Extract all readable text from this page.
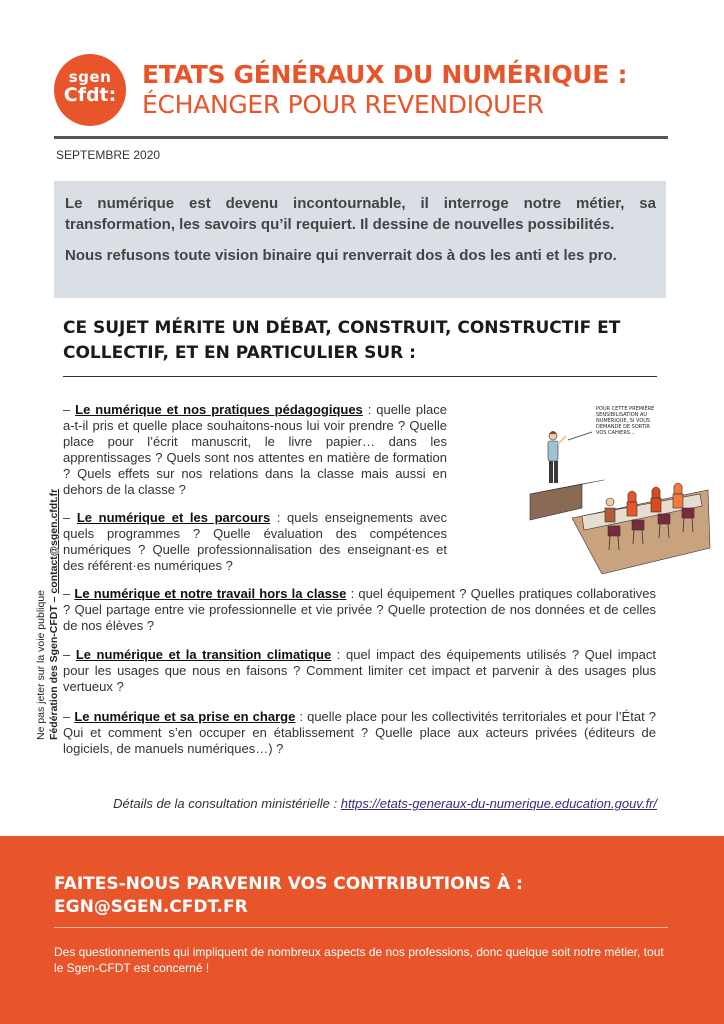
sgen
Cfdt:
ETATS GÉNÉRAUX DU NUMÉRIQUE :
ÉCHANGER POUR REVENDIQUER
SEPTEMBRE 2020

Le numérique est devenu incontournable, il interroge notre métier, sa transformation, les savoirs qu’il requiert. Il dessine de nouvelles possibilités.

Nous refusons toute vision binaire qui renverrait dos à dos les anti et les pro.

CE SUJET MÉRITE UN DÉBAT, CONSTRUIT, CONSTRUCTIF ET COLLECTIF, ET EN PARTICULIER SUR :
Ne pas jeter sur la voie publique Fédération des Sgen-CFDT – contact@sgen.cfdt.fr
– Le numérique et nos pratiques pédagogiques : quelle place a-t-il pris et quelle place souhaitons-nous lui voir prendre ? Quelle place pour l’écrit manuscrit, le livre papier… dans les apprentissages ? Quels sont nos attentes en matière de formation ? Quels effets sur nos relations dans la classe mais aussi en dehors de la classe ?
– Le numérique et les parcours : quels enseignements avec quels programmes ? Quelle évaluation des compétences numériques ? Quelle professionnalisation des enseignant·es et des référent·es numériques ?
– Le numérique et notre travail hors la classe : quel équipement ? Quelles pratiques collaboratives ? Quel partage entre vie professionnelle et vie privée ? Quelle protection de nos données et de celles de nos élèves ?
– Le numérique et la transition climatique : quel impact des équipements utilisés ? Quel impact pour les usages que nous en faisons ? Comment limiter cet impact et parvenir à des usages plus vertueux ?
– Le numérique et sa prise en charge : quelle place pour les collectivités territoriales et pour l’État ? Qui et comment s’en occuper en établissement ? Quelle place aux acteurs privées (éditeurs de logiciels, de manuels numériques…) ?
POUR CETTE PREMIÈRE
SENSIBILISATION AU
NUMÉRIQUE, SI VOUS
DEMANDE DE SORTIR
VOS CAHIERS...
Détails de la consultation ministérielle : https://etats-generaux-du-numerique.education.gouv.fr/
FAITES-NOUS PARVENIR VOS CONTRIBUTIONS À :
EGN@SGEN.CFDT.FR
Des questionnements qui impliquent de nombreux aspects de nos professions, donc quelque soit notre métier, tout le Sgen-CFDT est concerné !
